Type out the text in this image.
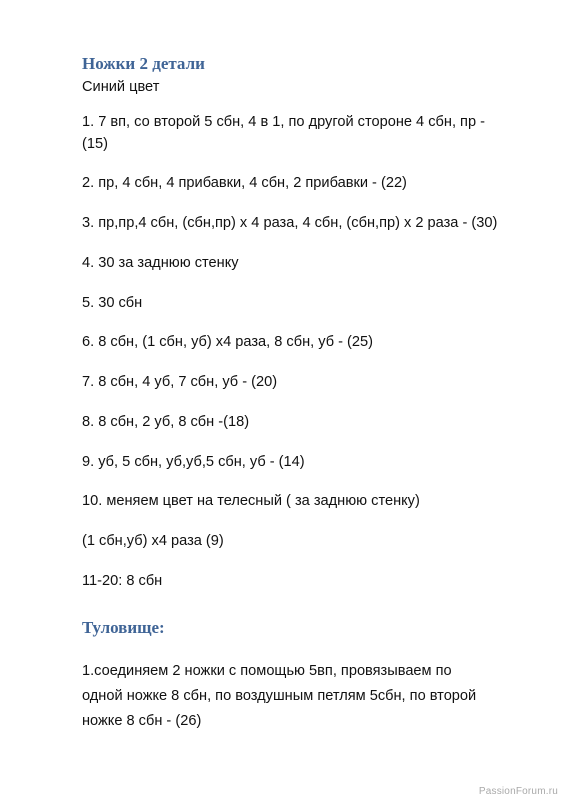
Ножки 2 детали

Синий цвет

1. 7 вп, со второй 5 сбн, 4 в 1, по другой стороне 4 сбн, пр -

(15)

2. пр, 4 сбн, 4 прибавки, 4 сбн, 2 прибавки - (22)

3. пр,пр,4 сбн, (сбн,пр) х 4 раза, 4 сбн, (сбн,пр) х 2 раза - (30)

4. 30 за заднюю стенку

5. 30 сбн

6. 8 сбн, (1 сбн, уб) х4 раза, 8 сбн, уб - (25)

7. 8 сбн, 4 уб, 7 сбн, уб - (20)

8. 8 сбн, 2 уб, 8 сбн -(18)

9. уб, 5 сбн, уб,уб,5 сбн, уб - (14)

10. меняем цвет на телесный ( за заднюю стенку)

(1 сбн,уб) х4 раза (9)

11-20: 8 сбн

Туловище:

1.соединяем 2 ножки с помощью 5вп, провязываем по

одной ножке 8 сбн, по воздушным петлям 5сбн, по второй

ножке 8 сбн - (26)

PassionForum.ru
